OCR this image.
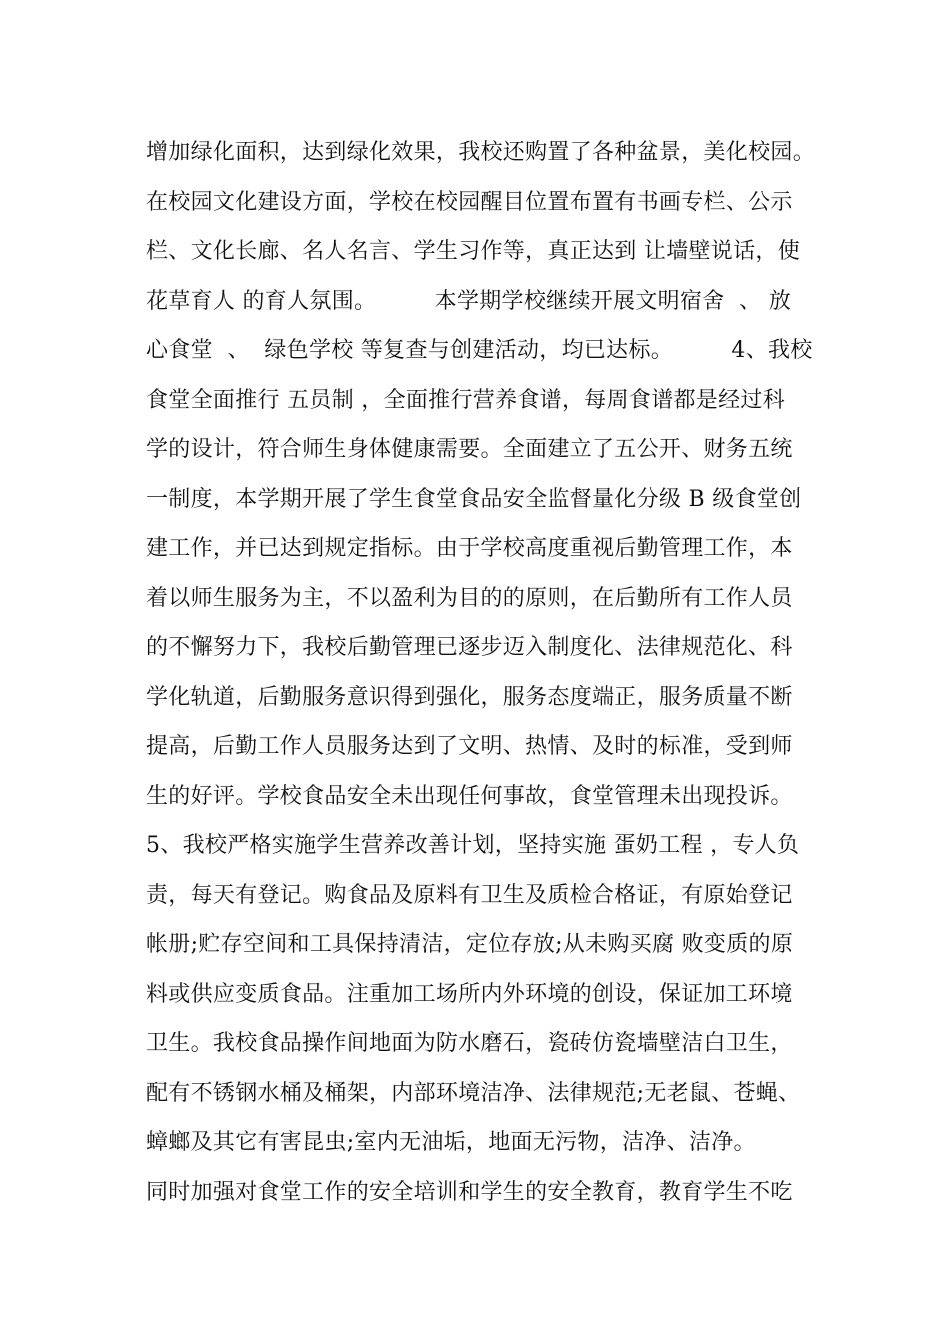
增加绿化面积，达到绿化效果，我校还购置了各种盆景，美化校园。
在校园文化建设方面，学校在校园醒目位置布置有书画专栏、公示
栏、文化长廊、名人名言、学生习作等，真正达到 让墙壁说话，使
花草育人 的育人氛围。        本学期学校继续开展文明宿舍  、 放
心食堂  、  绿色学校 等复查与创建活动，均已达标。        4、我校
食堂全面推行 五员制 ，全面推行营养食谱，每周食谱都是经过科
学的设计，符合师生身体健康需要。全面建立了五公开、财务五统
一制度，本学期开展了学生食堂食品安全监督量化分级 B 级食堂创
建工作，并已达到规定指标。由于学校高度重视后勤管理工作，本
着以师生服务为主，不以盈利为目的的原则，在后勤所有工作人员
的不懈努力下，我校后勤管理已逐步迈入制度化、法律规范化、科
学化轨道，后勤服务意识得到强化，服务态度端正，服务质量不断
提高，后勤工作人员服务达到了文明、热情、及时的标准，受到师
生的好评。学校食品安全未出现任何事故，食堂管理未出现投诉。
5、我校严格实施学生营养改善计划，坚持实施 蛋奶工程 ，专人负
责，每天有登记。购食品及原料有卫生及质检合格证，有原始登记
帐册;贮存空间和工具保持清洁，定位存放;从未购买腐 败变质的原
料或供应变质食品。注重加工场所内外环境的创设，保证加工环境
卫生。我校食品操作间地面为防水磨石，瓷砖仿瓷墙壁洁白卫生，
配有不锈钢水桶及桶架，内部环境洁净、法律规范;无老鼠、苍蝇、
蟑螂及其它有害昆虫;室内无油垢，地面无污物，洁净、洁净。
同时加强对食堂工作的安全培训和学生的安全教育，教育学生不吃
